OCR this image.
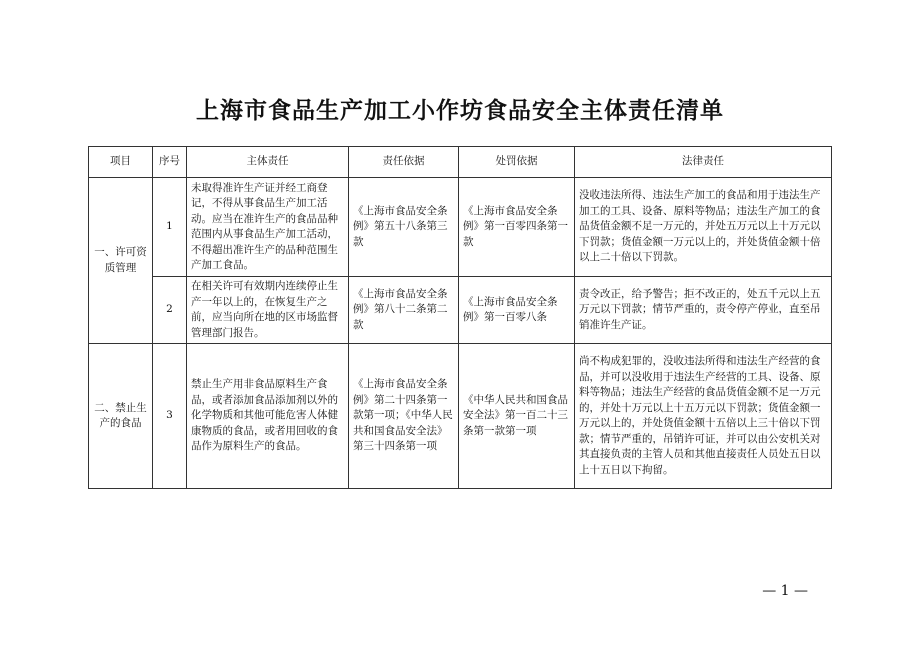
上海市食品生产加工小作坊食品安全主体责任清单
项目	序号	主体责任	责任依据	处罚依据	法律责任
一、许可资质管理	1	未取得准许生产证并经工商登记，不得从事食品生产加工活动。应当在准许生产的食品品种范围内从事食品生产加工活动，不得超出准许生产的品种范围生产加工食品。	《上海市食品安全条例》第五十八条第三款	《上海市食品安全条例》第一百零四条第一款	没收违法所得、违法生产加工的食品和用于违法生产加工的工具、设备、原料等物品；违法生产加工的食品货值金额不足一万元的，并处五万元以上十万元以下罚款；货值金额一万元以上的，并处货值金额十倍以上二十倍以下罚款。
	2	在相关许可有效期内连续停止生产一年以上的，在恢复生产之前，应当向所在地的区市场监督管理部门报告。	《上海市食品安全条例》第八十二条第二款	《上海市食品安全条例》第一百零八条	责令改正，给予警告；拒不改正的，处五千元以上五万元以下罚款；情节严重的，责令停产停业，直至吊销准许生产证。
二、禁止生产的食品	3	禁止生产用非食品原料生产食品，或者添加食品添加剂以外的化学物质和其他可能危害人体健康物质的食品，或者用回收的食品作为原料生产的食品。	《上海市食品安全条例》第二十四条第一款第一项；《中华人民共和国食品安全法》第三十四条第一项	《中华人民共和国食品安全法》第一百二十三条第一款第一项	尚不构成犯罪的，没收违法所得和违法生产经营的食品，并可以没收用于违法生产经营的工具、设备、原料等物品；违法生产经营的食品货值金额不足一万元的，并处十万元以上十五万元以下罚款；货值金额一万元以上的，并处货值金额十五倍以上三十倍以下罚款；情节严重的，吊销许可证，并可以由公安机关对其直接负责的主管人员和其他直接责任人员处五日以上十五日以下拘留。
— 1 —
